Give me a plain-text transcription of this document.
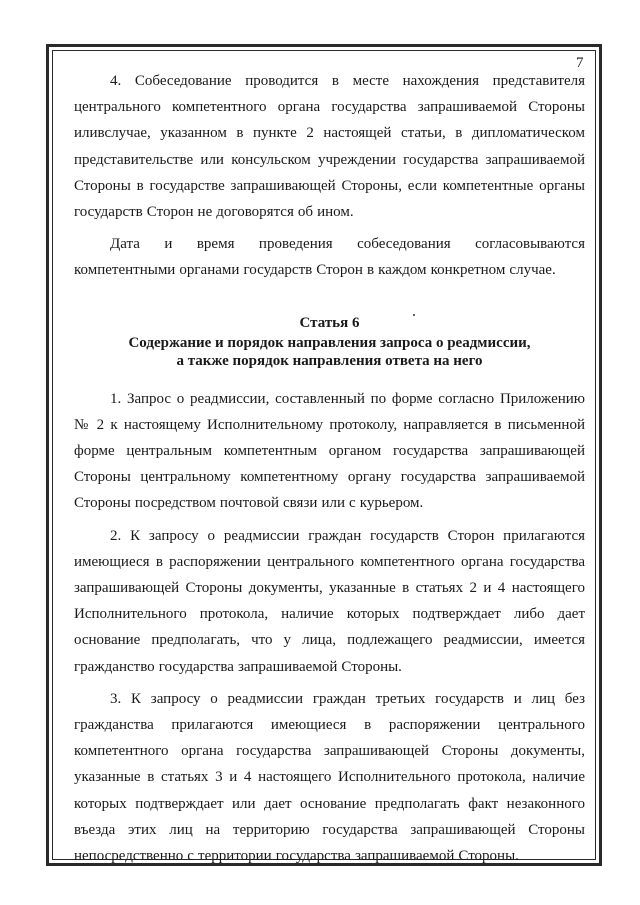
7

4. Собеседование проводится в месте нахождения представителя центрального компетентного органа государства запрашиваемой Стороны иливслучае, указанном в пункте 2 настоящей статьи, в дипломатическом представительстве или консульском учреждении государства запрашиваемой Стороны в государстве запрашивающей Стороны, если компетентные органы государств Сторон не договорятся об ином.

Дата и время проведения собеседования согласовываются компетентными органами государств Сторон в каждом конкретном случае.

Статья 6

Содержание и порядок направления запроса о реадмиссии,

а также порядок направления ответа на него

1. Запрос о реадмиссии, составленный по форме согласно Приложению № 2 к настоящему Исполнительному протоколу, направляется в письменной форме центральным компетентным органом государства запрашивающей Стороны центральному компетентному органу государства запрашиваемой Стороны посредством почтовой связи или с курьером.

2. К запросу о реадмиссии граждан государств Сторон прилагаются имеющиеся в распоряжении центрального компетентного органа государства запрашивающей Стороны документы, указанные в статьях 2 и 4 настоящего Исполнительного протокола, наличие которых подтверждает либо дает основание предполагать, что у лица, подлежащего реадмиссии, имеется гражданство государства запрашиваемой Стороны.

3. К запросу о реадмиссии граждан третьих государств и лиц без гражданства прилагаются имеющиеся в распоряжении центрального компетентного органа государства запрашивающей Стороны документы, указанные в статьях 3 и 4 настоящего Исполнительного протокола, наличие которых подтверждает или дает основание предполагать факт незаконного въезда этих лиц на территорию государства запрашивающей Стороны непосредственно с территории государства запрашиваемой Стороны.
